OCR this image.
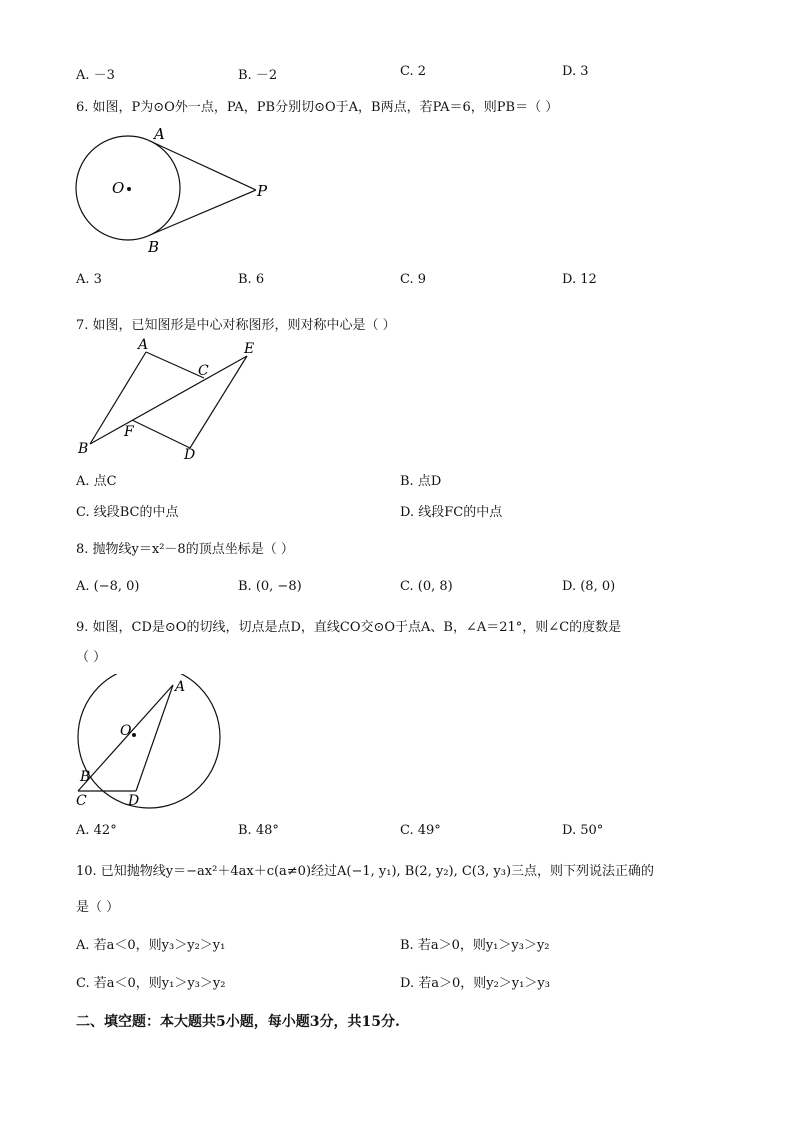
A. －3	B. －2	C. 2	D. 3
6. 如图，P为⊙O外一点，PA，PB分别切⊙O于A，B两点，若PA＝6，则PB＝（ ）
A
B
O	P
A. 3	B. 6	C. 9	D. 12
7. 如图，已知图形是中心对称图形，则对称中心是（ ）
A
B
C
D
E
F
A. 点C	B. 点D
C. 线段BC的中点	D. 线段FC的中点
8. 抛物线y＝x²－8的顶点坐标是（ ）
A. (−8, 0)	B. (0, −8)	C. (0, 8)	D. (8, 0)
9. 如图，CD是⊙O的切线，切点是点D，直线CO交⊙O于点A、B，∠A＝21°，则∠C的度数是
（ ）
A
B
C	D
O
A. 42°	B. 48°	C. 49°	D. 50°
10. 已知抛物线y＝−ax²＋4ax＋c(a≠0)经过A(−1, y₁), B(2, y₂), C(3, y₃)三点，则下列说法正确的
是（ ）
A. 若a＜0，则y₃＞y₂＞y₁	B. 若a＞0，则y₁＞y₃＞y₂
C. 若a＜0，则y₁＞y₃＞y₂	D. 若a＞0，则y₂＞y₁＞y₃
二、填空题：本大题共5小题，每小题3分，共15分.
